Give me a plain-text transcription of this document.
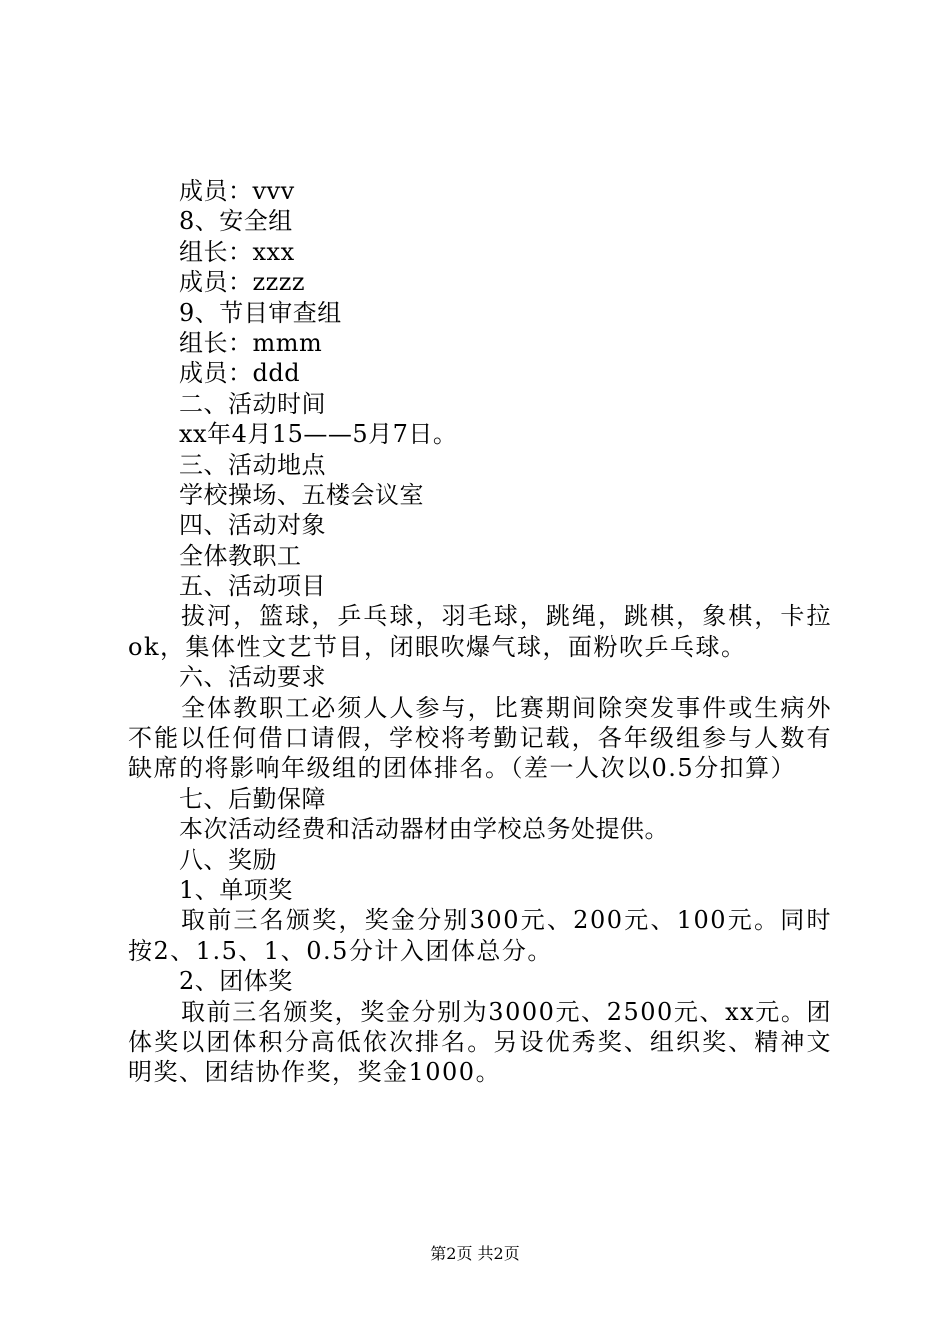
成员：vvv
8、安全组
组长：xxx
成员：zzzz
9、节目审查组
组长：mmm
成员：ddd
二、活动时间
xx年4月15——5月7日。
三、活动地点
学校操场、五楼会议室
四、活动对象
全体教职工
五、活动项目
拔河，篮球，乒乓球，羽毛球，跳绳，跳棋，象棋，卡拉ok，集体性文艺节目，闭眼吹爆气球，面粉吹乒乓球。
六、活动要求
全体教职工必须人人参与，比赛期间除突发事件或生病外不能以任何借口请假，学校将考勤记载，各年级组参与人数有缺席的将影响年级组的团体排名。（差一人次以0.5分扣算）
七、后勤保障
本次活动经费和活动器材由学校总务处提供。
八、奖励
1、单项奖
取前三名颁奖，奖金分别300元、200元、100元。同时按2、1.5、1、0.5分计入团体总分。
2、团体奖
取前三名颁奖，奖金分别为3000元、2500元、xx元。团体奖以团体积分高低依次排名。另设优秀奖、组织奖、精神文明奖、团结协作奖，奖金1000。
第2页 共2页
